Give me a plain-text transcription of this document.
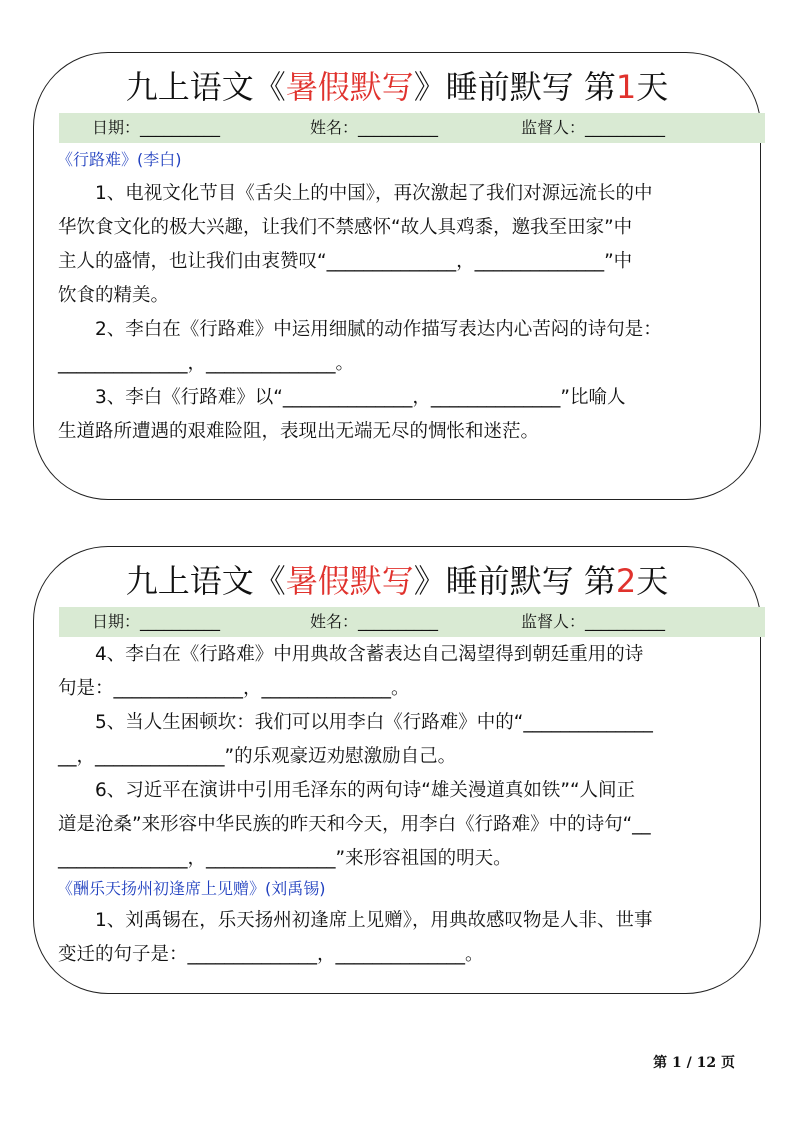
九上语文《暑假默写》睡前默写 第1天
日期：__________	姓名：__________	监督人：__________
《行路难》(李白)
　　1、电视文化节目《舌尖上的中国》，再次激起了我们对源远流长的中
华饮食文化的极大兴趣，让我们不禁感怀“故人具鸡黍，邀我至田家”中
主人的盛情，也让我们由衷赞叹“______________，______________”中
饮食的精美。
　　2、李白在《行路难》中运用细腻的动作描写表达内心苦闷的诗句是：
______________，______________。
　　3、李白《行路难》以“______________，______________”比喻人
生道路所遭遇的艰难险阻，表现出无端无尽的惆怅和迷茫。
九上语文《暑假默写》睡前默写 第2天
日期：__________	姓名：__________	监督人：__________
　　4、李白在《行路难》中用典故含蓄表达自己渴望得到朝廷重用的诗
句是：______________，______________。
　　5、当人生困顿坎：我们可以用李白《行路难》中的“______________
__，______________”的乐观豪迈劝慰激励自己。
　　6、习近平在演讲中引用毛泽东的两句诗“雄关漫道真如铁”“人间正
道是沧桑”来形容中华民族的昨天和今天，用李白《行路难》中的诗句“__
______________，______________”来形容祖国的明天。
《酬乐天扬州初逢席上见赠》(刘禹锡)
　　1、刘禹锡在，乐天扬州初逢席上见赠》，用典故感叹物是人非、世事
变迁的句子是：______________，______________。
第 1 / 12 页
